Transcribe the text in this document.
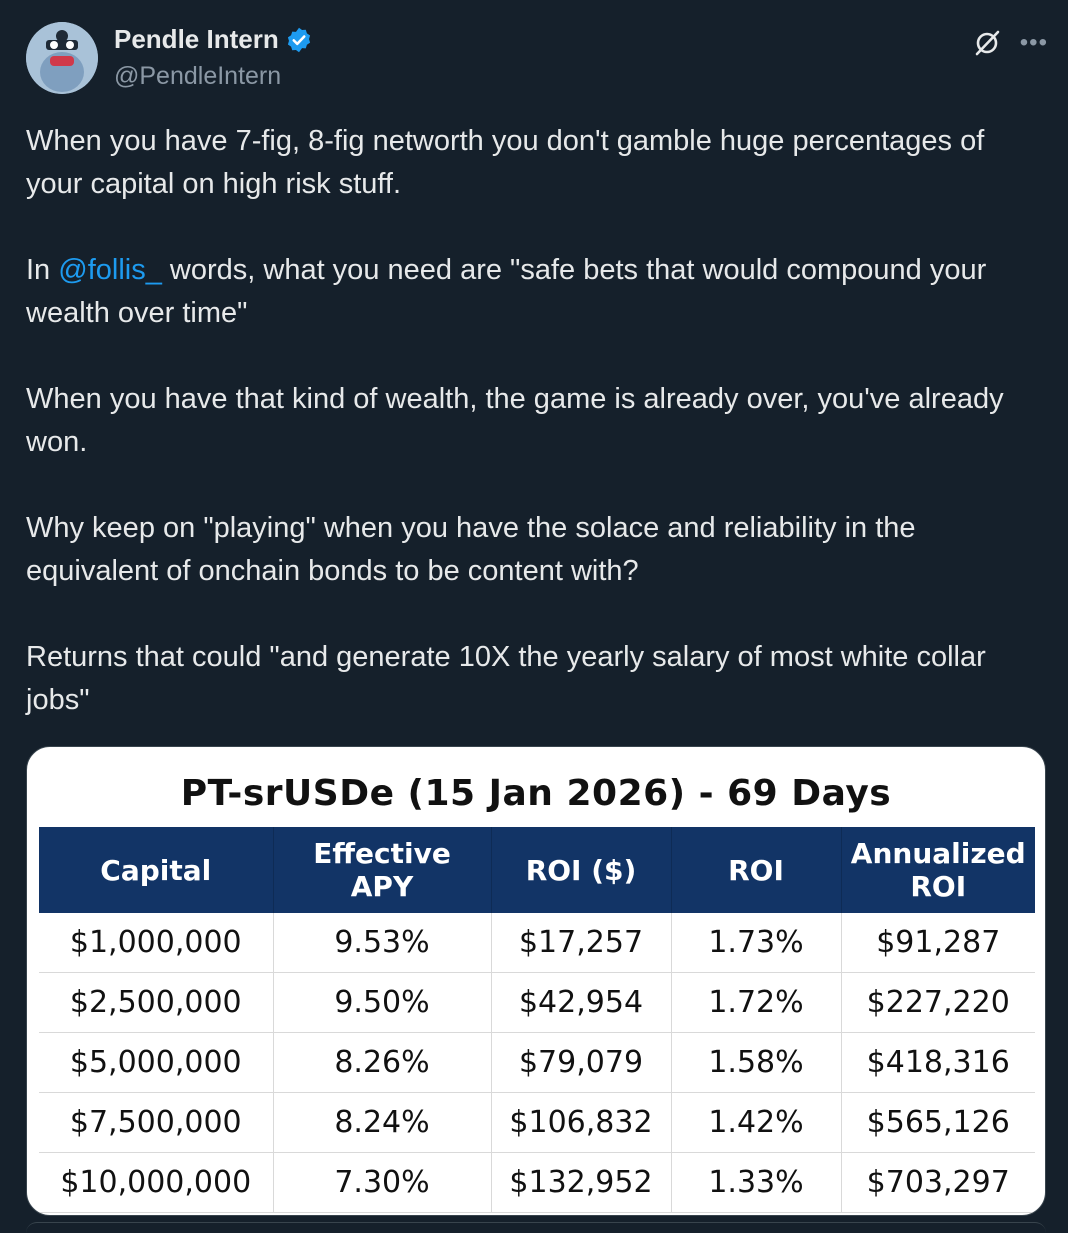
Pendle Intern
@PendleIntern
•••

When you have 7-fig, 8-fig networth you don't gamble huge percentages of your capital on high risk stuff.

In @follis_ words, what you need are "safe bets that would compound your wealth over time"

When you have that kind of wealth, the game is already over, you've already won.

Why keep on "playing" when you have the solace and reliability in the equivalent of onchain bonds to be content with?

Returns that could "and generate 10X the yearly salary of most white collar jobs"

PT-srUSDe (15 Jan 2026) - 69 Days
Capital	Effective APY	ROI ($)	ROI	Annualized ROI
$1,000,000	9.53%	$17,257	1.73%	$91,287
$2,500,000	9.50%	$42,954	1.72%	$227,220
$5,000,000	8.26%	$79,079	1.58%	$418,316
$7,500,000	8.24%	$106,832	1.42%	$565,126
$10,000,000	7.30%	$132,952	1.33%	$703,297
